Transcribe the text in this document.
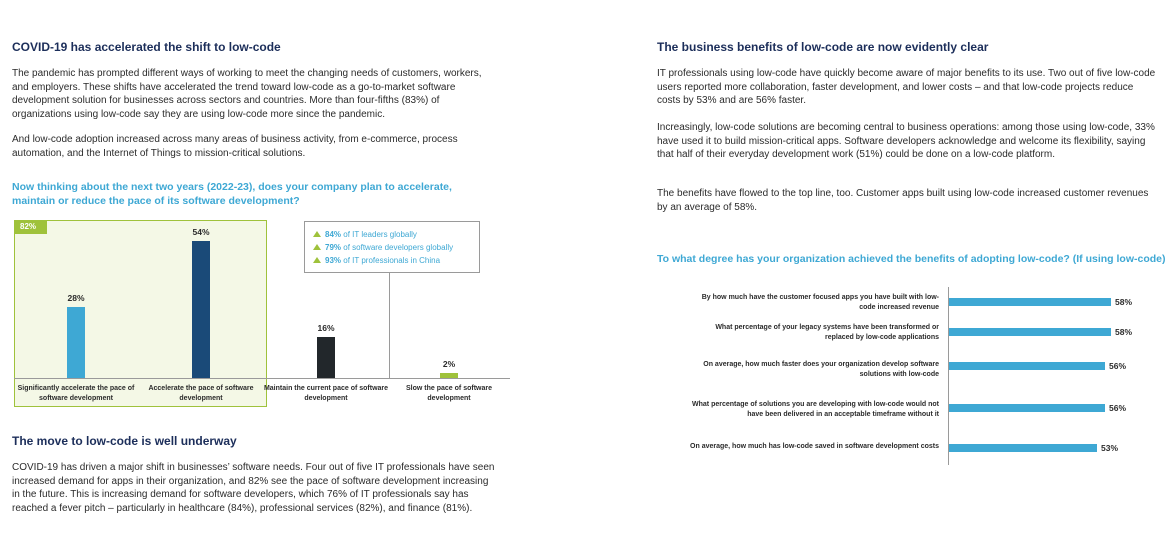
COVID-19 has accelerated the shift to low-code
The pandemic has prompted different ways of working to meet the changing needs of customers, workers, and employers. These shifts have accelerated the trend toward low-code as a go-to-market software development solution for businesses across sectors and countries. More than four-fifths (83%) of organizations using low-code say they are using low-code more since the pandemic.
And low-code adoption increased across many areas of business activity, from e-commerce, process automation, and the Internet of Things to mission-critical solutions.
Now thinking about the next two years (2022-23), does your company plan to accelerate, maintain or reduce the pace of its software development?
82%
28%
Significantly accelerate the pace of software development
54%
Accelerate the pace of software development
16%
Maintain the current pace of software development
2%
Slow the pace of software development
84% of IT leaders globally
79% of software developers globally
93% of IT professionals in China
The move to low-code is well underway
COVID-19 has driven a major shift in businesses’ software needs. Four out of five IT professionals have seen increased demand for apps in their organization, and 82% see the pace of software development increasing in the future. This is increasing demand for software developers, which 76% of IT professionals say has reached a fever pitch – particularly in healthcare (84%), professional services (82%), and finance (81%).
The business benefits of low-code are now evidently clear
IT professionals using low-code have quickly become aware of major benefits to its use. Two out of five low-code users reported more collaboration, faster development, and lower costs – and that low-code projects reduce costs by 53% and are 56% faster.
Increasingly, low-code solutions are becoming central to business operations: among those using low-code, 33% have used it to build mission-critical apps. Software developers acknowledge and welcome its flexibility, saying that half of their everyday development work (51%) could be done on a low-code platform.
The benefits have flowed to the top line, too. Customer apps built using low-code increased customer revenues by an average of 58%.
To what degree has your organization achieved the benefits of adopting low-code? (If using low-code)
By how much have the customer focused apps you have built with low-code increased revenue	58%
What percentage of your legacy systems have been transformed or replaced by low-code applications	58%
On average, how much faster does your organization develop software solutions with low-code
56%
What percentage of solutions you are developing with low-code would not have been delivered in an acceptable timeframe without it
56%
On average, how much has low-code saved in software development costs	53%
